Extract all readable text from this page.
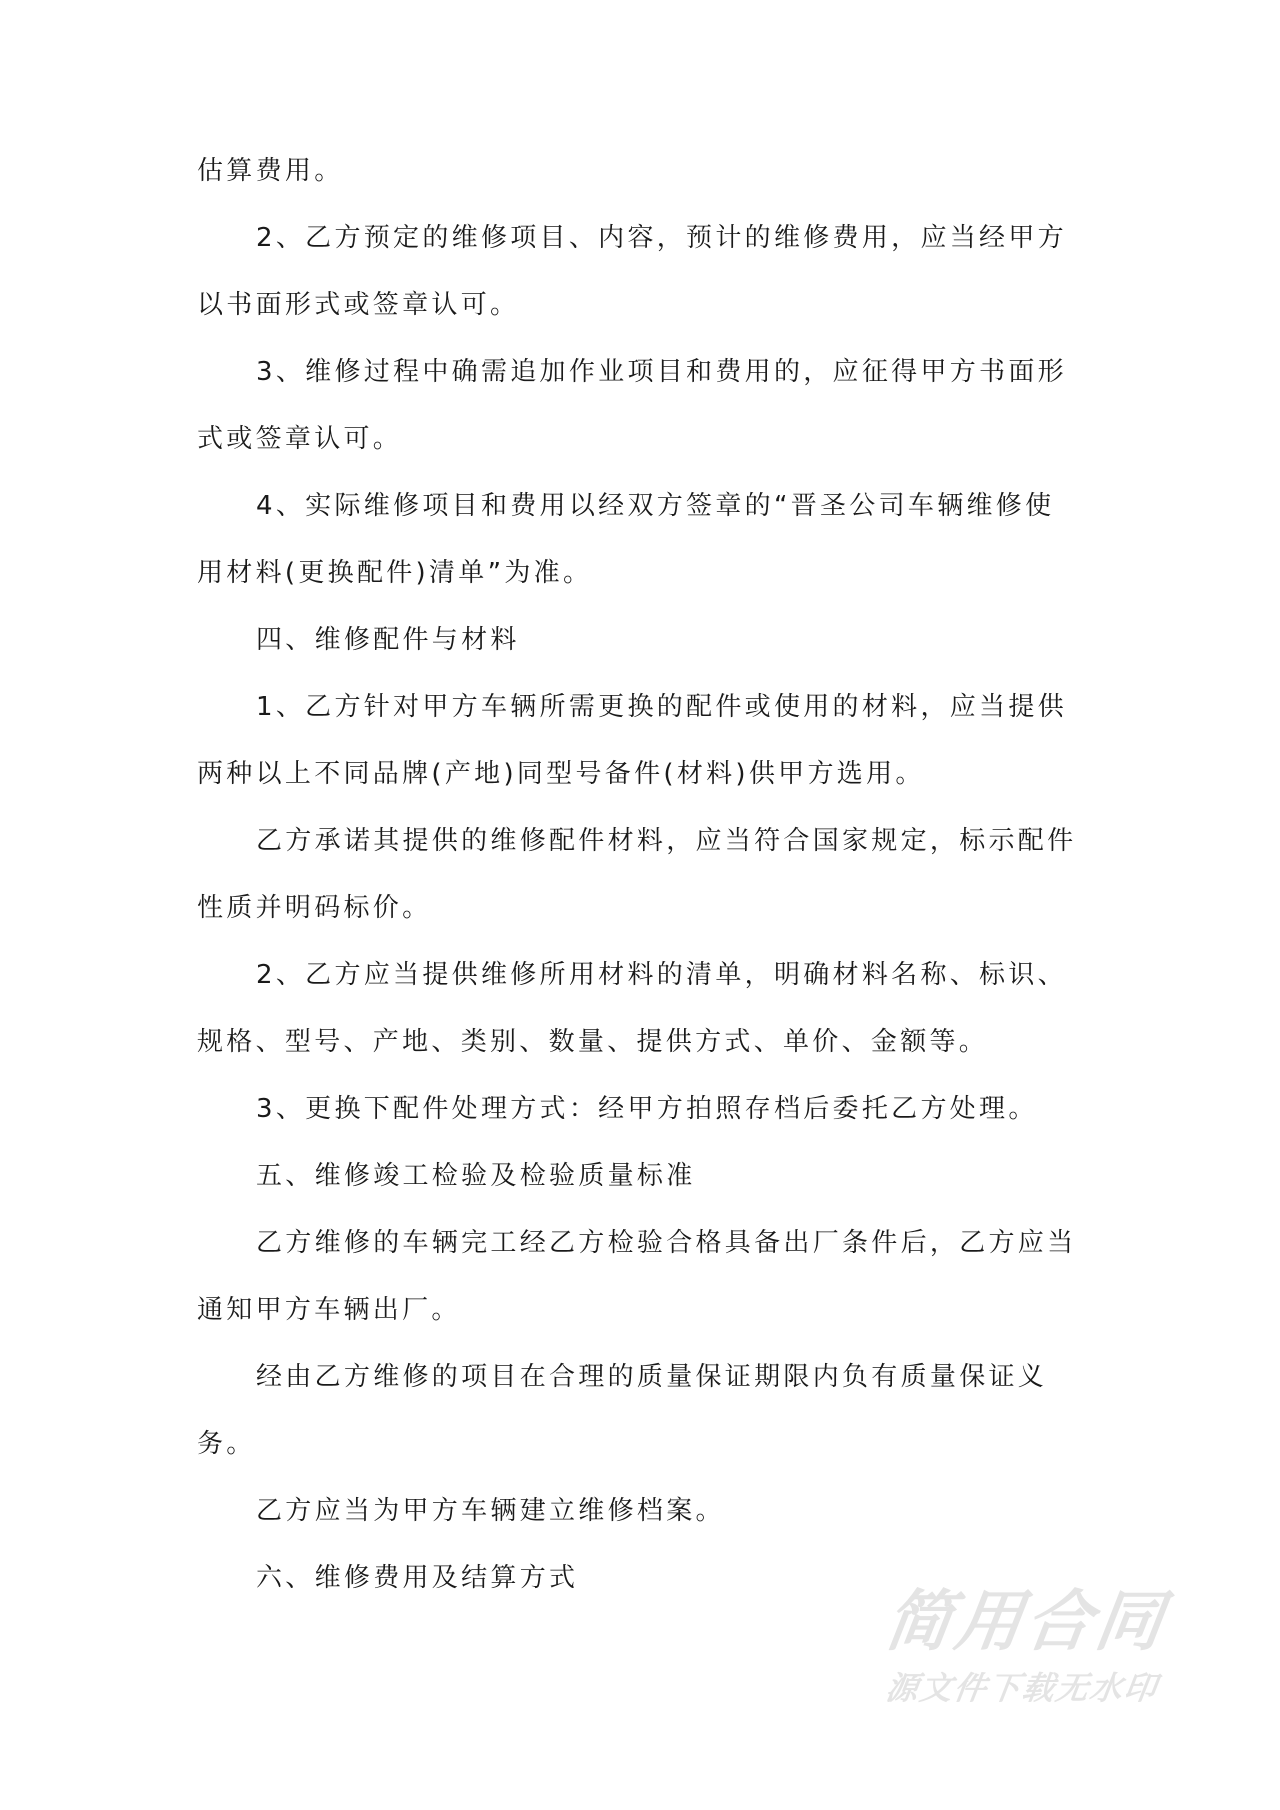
估算费用。
2、乙方预定的维修项目、内容，预计的维修费用，应当经甲方
以书面形式或签章认可。
3、维修过程中确需追加作业项目和费用的，应征得甲方书面形
式或签章认可。
4、实际维修项目和费用以经双方签章的“晋圣公司车辆维修使
用材料(更换配件)清单”为准。
四、维修配件与材料
1、乙方针对甲方车辆所需更换的配件或使用的材料，应当提供
两种以上不同品牌(产地)同型号备件(材料)供甲方选用。
乙方承诺其提供的维修配件材料，应当符合国家规定，标示配件
性质并明码标价。
2、乙方应当提供维修所用材料的清单，明确材料名称、标识、
规格、型号、产地、类别、数量、提供方式、单价、金额等。
3、更换下配件处理方式：经甲方拍照存档后委托乙方处理。
五、维修竣工检验及检验质量标准
乙方维修的车辆完工经乙方检验合格具备出厂条件后，乙方应当
通知甲方车辆出厂。
经由乙方维修的项目在合理的质量保证期限内负有质量保证义
务。
乙方应当为甲方车辆建立维修档案。
六、维修费用及结算方式
简用合同
源文件下载无水印
